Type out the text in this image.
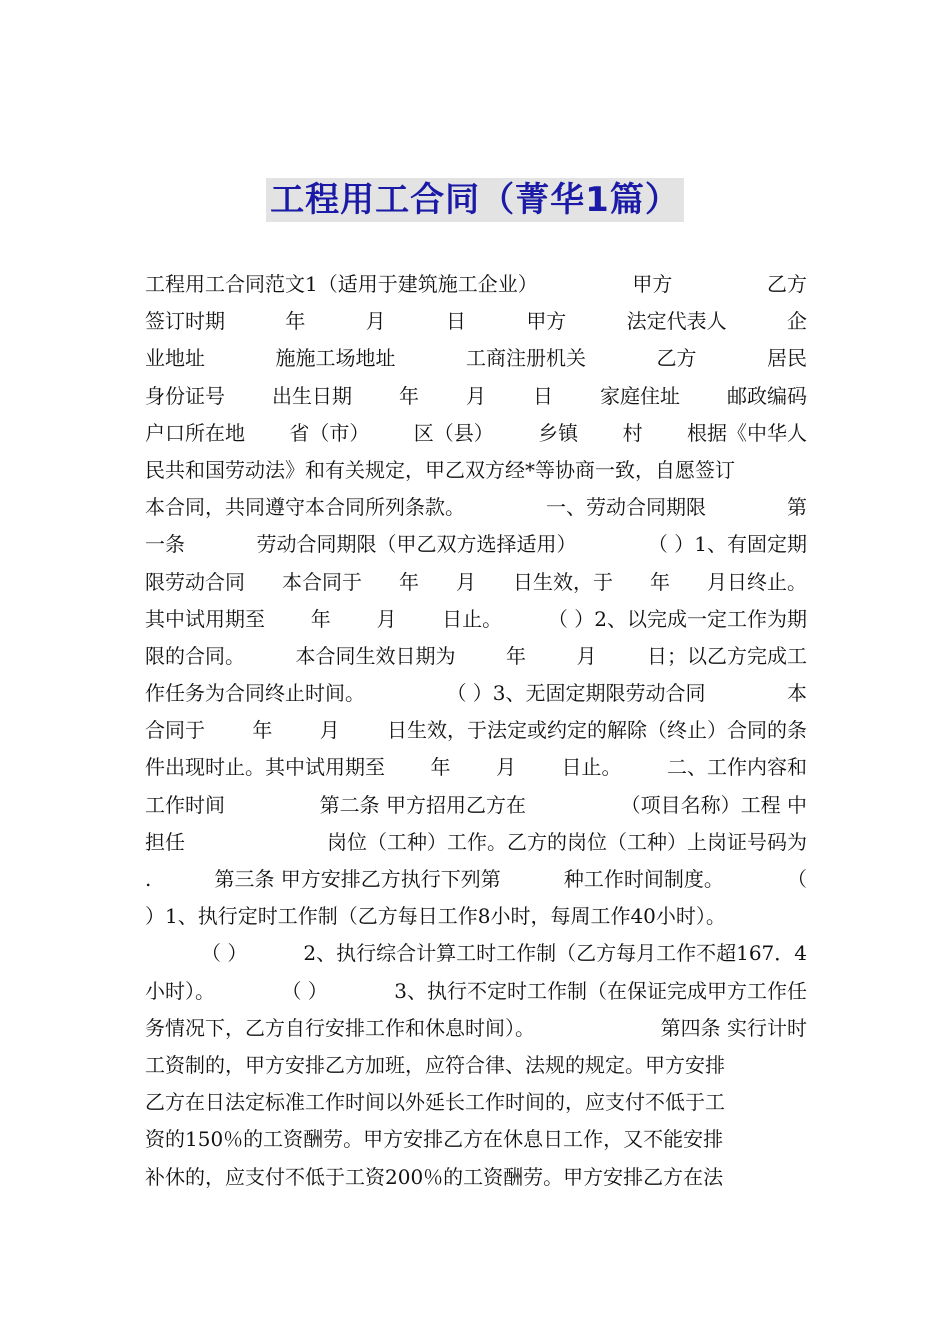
工程用工合同（菁华1篇）
工程用工合同范文1（适用于建筑施工企业）	甲方	乙方
签订时期	年	月	日	甲方	法定代表人	企
业地址	施施工场地址	工商注册机关	乙方	居民
身份证号 出生日期 年 月 日 家庭住址 邮政编码
户口所在地 省（市） 区（县） 乡镇 村 根据《中华人
民共和国劳动法》和有关规定，甲乙双方经*等协商一致，自愿签订
本合同，共同遵守本合同所列条款。	一、劳动合同期限	第
一条	劳动合同期限（甲乙双方选择适用）	（ ）1、有固定期
限劳动合同 本合同于 年 月 日生效，于 年 月日终止。
其中试用期至 年 月 日止。 （ ）2、以完成一定工作为期
限的合同。	本合同生效日期为	年	月	日；以乙方完成工
作任务为合同终止时间。	（ ）3、无固定期限劳动合同	本
合同于 年 月 日生效，于法定或约定的解除（终止）合同的条
件出现时止。其中试用期至 年 月 日止。 二、工作内容和
工作时间	第二条 甲方招用乙方在	（项目名称）工程 中
担任	岗位（工种）工作。乙方的岗位（工种）上岗证号码为
.	第三条 甲方安排乙方执行下列第	种工作时间制度。	（
）1、执行定时工作制（乙方每日工作8小时，每周工作40小时）。
（ ）	2、执行综合计算工时工作制（乙方每月工作不超167．4
小时）。	（ ）	3、执行不定时工作制（在保证完成甲方工作任
务情况下，乙方自行安排工作和休息时间）。	第四条 实行计时
工资制的，甲方安排乙方加班，应符合律、法规的规定。甲方安排
乙方在日法定标准工作时间以外延长工作时间的，应支付不低于工
资的150％的工资酬劳。甲方安排乙方在休息日工作，又不能安排
补休的，应支付不低于工资200％的工资酬劳。甲方安排乙方在法
